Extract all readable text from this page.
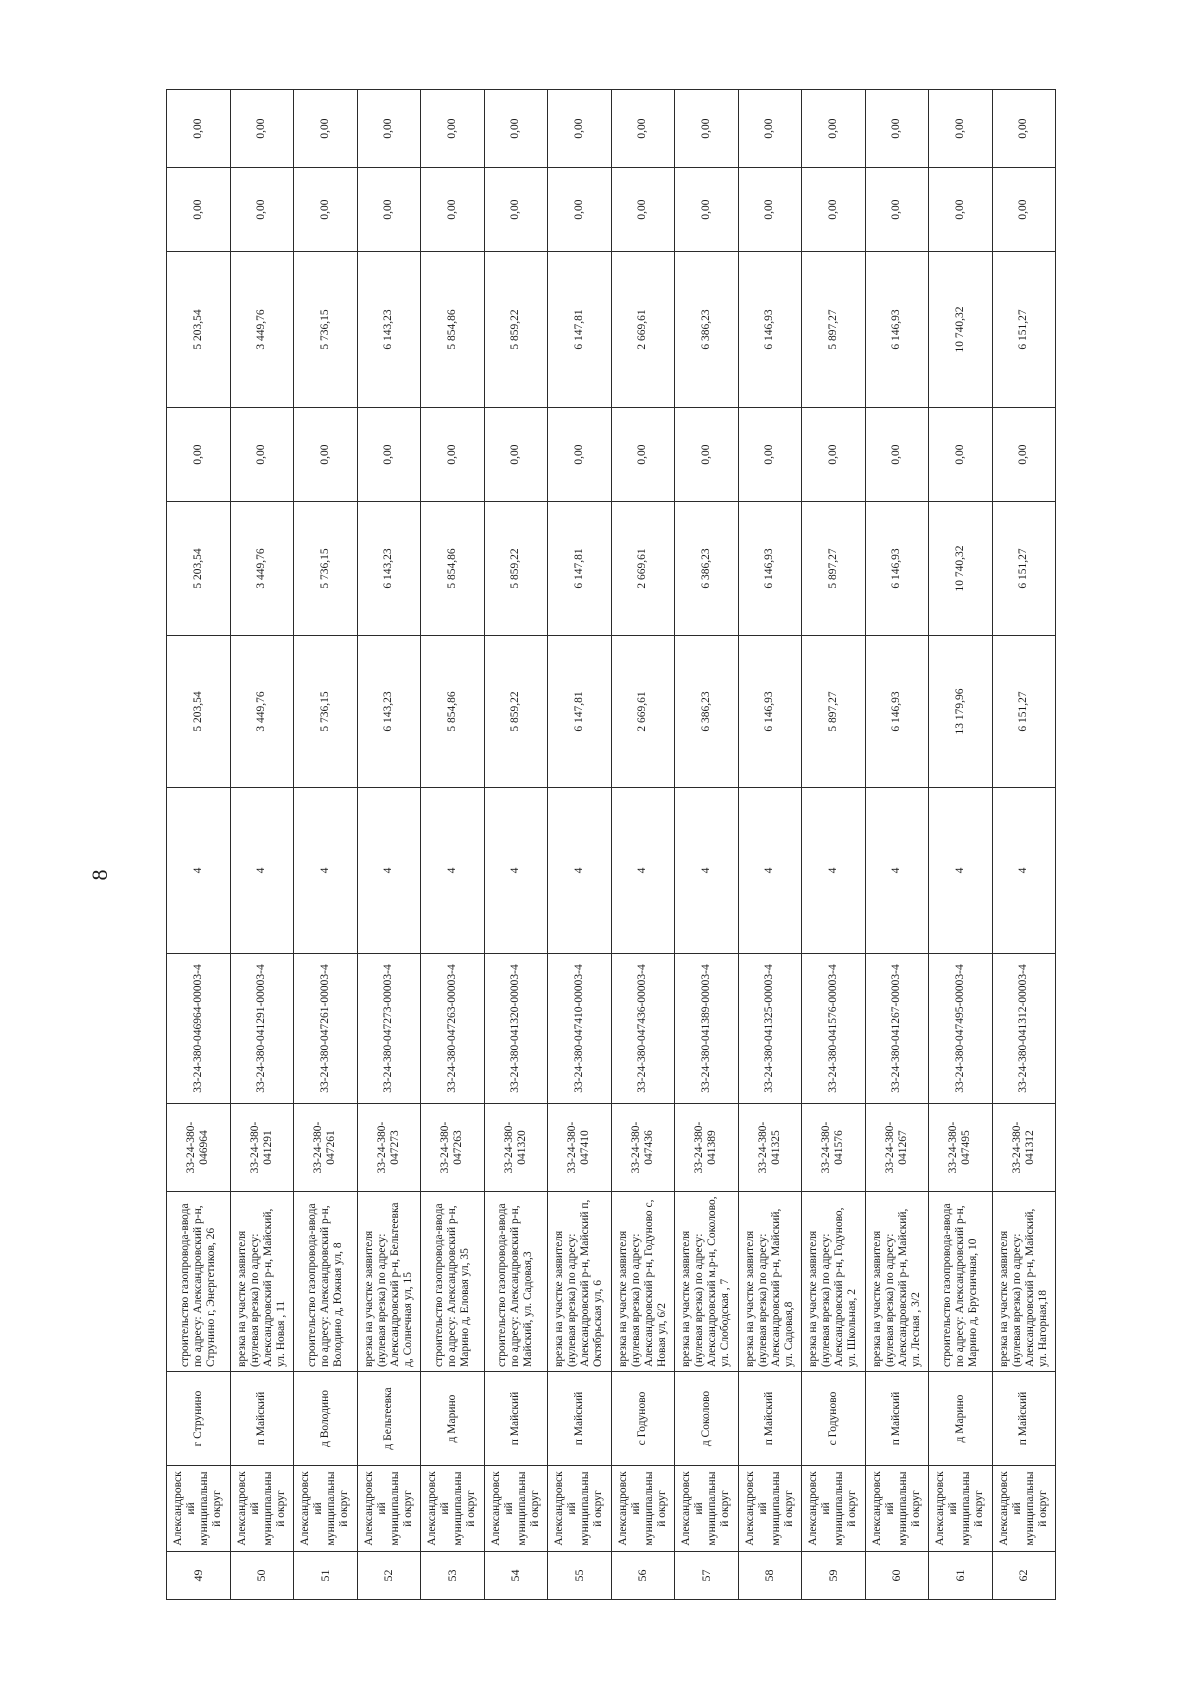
8
49	Александровский муниципальный округ	г Струнино	строительство газопровода-ввода по адресу: Александровский р-н, Струнино г, Энергетиков, 26	33-24-380-046964	33-24-380-046964-00003-4	4	5 203,54	5 203,54	0,00	5 203,54	0,00	0,00
50	Александровский муниципальный округ	п Майский	врезка на участке заявителя (нулевая врезка) по адресу: Александровский р-н, Майский, ул. Новая , 11	33-24-380-041291	33-24-380-041291-00003-4	4	3 449,76	3 449,76	0,00	3 449,76	0,00	0,00
51	Александровский муниципальный округ	д Володино	строительство газопровода-ввода по адресу: Александровский р-н, Володино д, Южная ул, 8	33-24-380-047261	33-24-380-047261-00003-4	4	5 736,15	5 736,15	0,00	5 736,15	0,00	0,00
52	Александровский муниципальный округ	д Бельтеевка	врезка на участке заявителя (нулевая врезка) по адресу: Александровский р-н, Бельтеевка д, Солнечная ул, 15	33-24-380-047273	33-24-380-047273-00003-4	4	6 143,23	6 143,23	0,00	6 143,23	0,00	0,00
53	Александровский муниципальный округ	д Марино	строительство газопровода-ввода по адресу: Александровский р-н, Марино д, Еловая ул, 35	33-24-380-047263	33-24-380-047263-00003-4	4	5 854,86	5 854,86	0,00	5 854,86	0,00	0,00
54	Александровский муниципальный округ	п Майский	строительство газопровода-ввода по адресу: Александровский р-н, Майский, ул. Садовая,3	33-24-380-041320	33-24-380-041320-00003-4	4	5 859,22	5 859,22	0,00	5 859,22	0,00	0,00
55	Александровский муниципальный округ	п Майский	врезка на участке заявителя (нулевая врезка) по адресу: Александровский р-н, Майский п, Октябрьская ул, 6	33-24-380-047410	33-24-380-047410-00003-4	4	6 147,81	6 147,81	0,00	6 147,81	0,00	0,00
56	Александровский муниципальный округ	с Годуново	врезка на участке заявителя (нулевая врезка) по адресу: Александровский р-н, Годуново с, Новая ул, 6/2	33-24-380-047436	33-24-380-047436-00003-4	4	2 669,61	2 669,61	0,00	2 669,61	0,00	0,00
57	Александровский муниципальный округ	д Соколово	врезка на участке заявителя (нулевая врезка) по адресу: Александровский м.р-н, Соколово, ул. Слободская , 7	33-24-380-041389	33-24-380-041389-00003-4	4	6 386,23	6 386,23	0,00	6 386,23	0,00	0,00
58	Александровский муниципальный округ	п Майский	врезка на участке заявителя (нулевая врезка) по адресу: Александровский р-н, Майский, ул. Садовая,8	33-24-380-041325	33-24-380-041325-00003-4	4	6 146,93	6 146,93	0,00	6 146,93	0,00	0,00
59	Александровский муниципальный округ	с Годуново	врезка на участке заявителя (нулевая врезка) по адресу: Александровский р-н, Годуново, ул. Школьная, 2	33-24-380-041576	33-24-380-041576-00003-4	4	5 897,27	5 897,27	0,00	5 897,27	0,00	0,00
60	Александровский муниципальный округ	п Майский	врезка на участке заявителя (нулевая врезка) по адресу: Александровский р-н, Майский, ул. Лесная , 3/2	33-24-380-041267	33-24-380-041267-00003-4	4	6 146,93	6 146,93	0,00	6 146,93	0,00	0,00
61	Александровский муниципальный округ	д Марино	строительство газопровода-ввода по адресу: Александровский р-н, Марино д, Брусничная, 10	33-24-380-047495	33-24-380-047495-00003-4	4	13 179,96	10 740,32	0,00	10 740,32	0,00	0,00
62	Александровский муниципальный округ	п Майский	врезка на участке заявителя (нулевая врезка) по адресу: Александровский р-н, Майский, ул. Нагорная,18	33-24-380-041312	33-24-380-041312-00003-4	4	6 151,27	6 151,27	0,00	6 151,27	0,00	0,00
